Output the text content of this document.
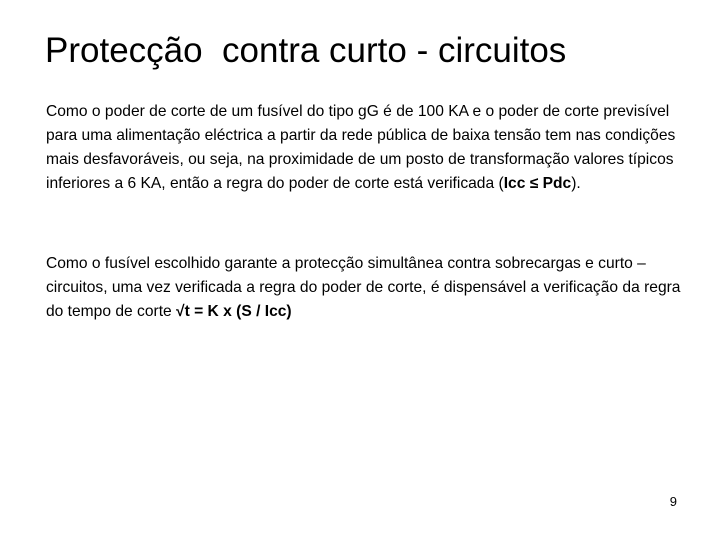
Protecção  contra curto - circuitos

Como o poder de corte de um fusível do tipo gG é de 100 KA e o poder de corte previsível para uma alimentação eléctrica a partir da rede pública de baixa tensão tem nas condições mais desfavoráveis, ou seja, na proximidade de um posto de transformação valores típicos inferiores a 6 KA, então a regra do poder de corte está verificada (Icc ≤ Pdc).

Como o fusível escolhido garante a protecção simultânea contra sobrecargas e curto – circuitos, uma vez verificada a regra do poder de corte, é dispensável a verificação da regra do tempo de corte √t = K x (S / Icc)

9
